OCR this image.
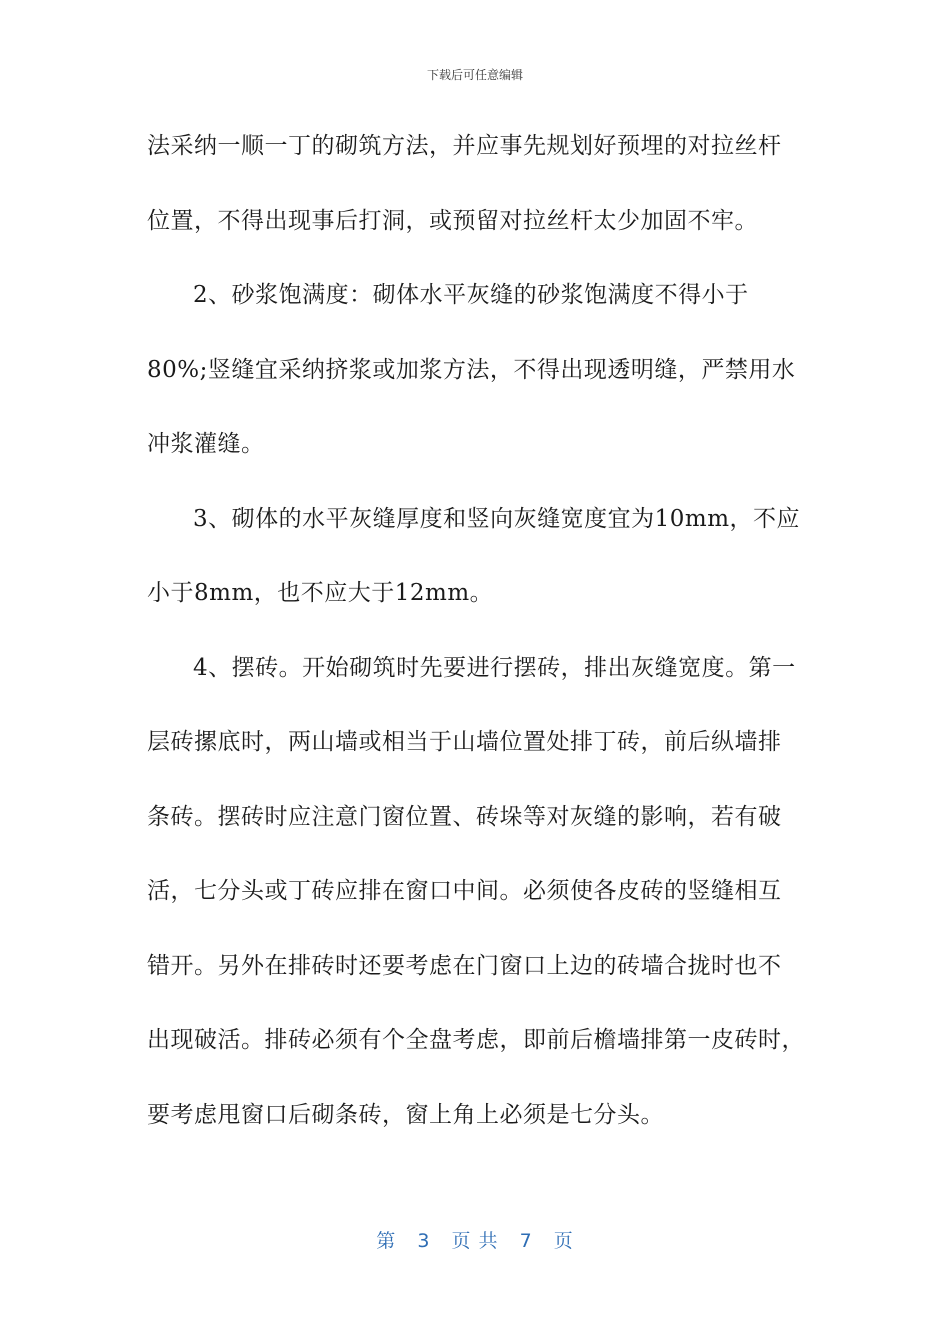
下载后可任意编辑
法采纳一顺一丁的砌筑方法，并应事先规划好预埋的对拉丝杆
位置，不得出现事后打洞，或预留对拉丝杆太少加固不牢。
2、砂浆饱满度：砌体水平灰缝的砂浆饱满度不得小于
80%;竖缝宜采纳挤浆或加浆方法，不得出现透明缝，严禁用水
冲浆灌缝。
3、砌体的水平灰缝厚度和竖向灰缝宽度宜为10mm，不应
小于8mm，也不应大于12mm。
4、摆砖。开始砌筑时先要进行摆砖，排出灰缝宽度。第一
层砖摞底时，两山墙或相当于山墙位置处排丁砖，前后纵墙排
条砖。摆砖时应注意门窗位置、砖垛等对灰缝的影响，若有破
活，七分头或丁砖应排在窗口中间。必须使各皮砖的竖缝相互
错开。另外在排砖时还要考虑在门窗口上边的砖墙合拢时也不
出现破活。排砖必须有个全盘考虑，即前后檐墙排第一皮砖时，
要考虑甩窗口后砌条砖，窗上角上必须是七分头。
第 3 页 共 7 页
